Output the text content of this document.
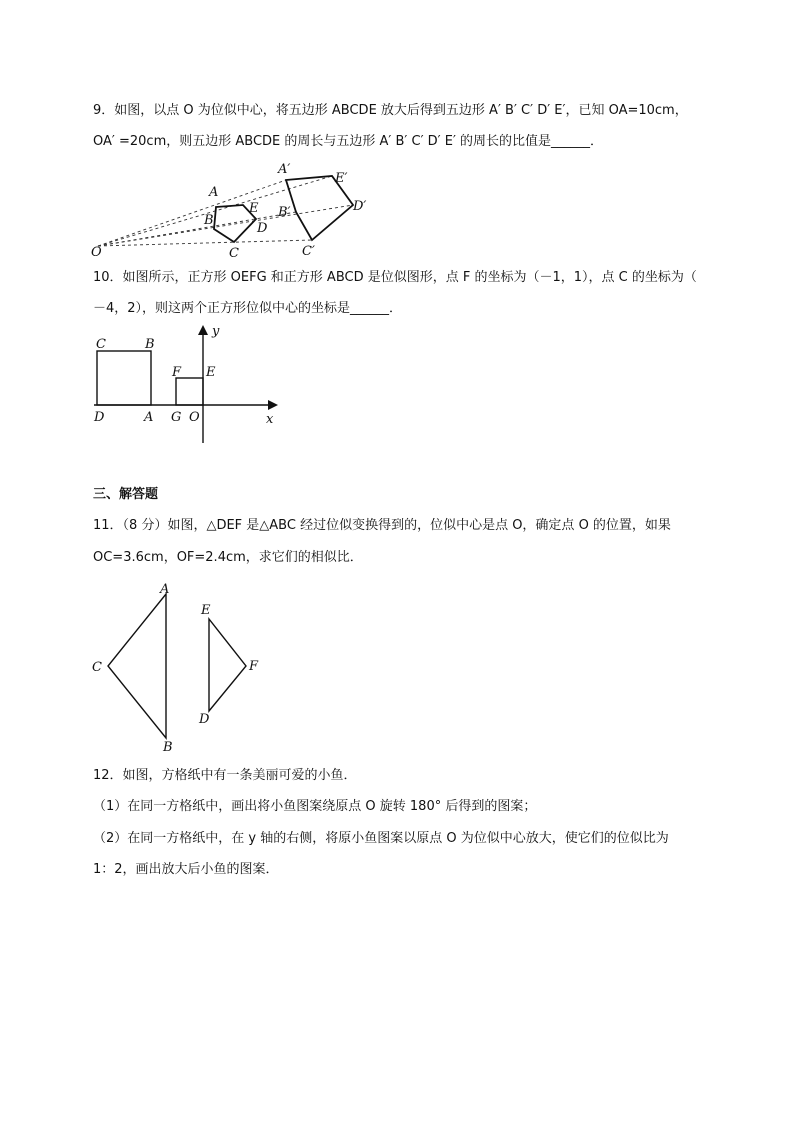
9．如图，以点 O 为位似中心，将五边形 ABCDE 放大后得到五边形 A′ B′ C′ D′ E′，已知 OA=10cm，
OA′ =20cm，则五边形 ABCDE 的周长与五边形 A′ B′ C′ D′ E′ 的周长的比值是______．
O
A
B
C
D
E
A′
B′
C′
D′
E′
10．如图所示，正方形 OEFG 和正方形 ABCD 是位似图形，点 F 的坐标为（－1，1），点 C 的坐标为（
－4，2），则这两个正方形位似中心的坐标是______．
C	B
D	A
F E
G O	x
y
三、解答题
11．（8 分）如图，△DEF 是△ABC 经过位似变换得到的，位似中心是点 O，确定点 O 的位置，如果
OC=3.6cm，OF=2.4cm，求它们的相似比．
A
B
C
D
E
F
12．如图，方格纸中有一条美丽可爱的小鱼．
（1）在同一方格纸中，画出将小鱼图案绕原点 O 旋转 180° 后得到的图案；
（2）在同一方格纸中，在 y 轴的右侧，将原小鱼图案以原点 O 为位似中心放大，使它们的位似比为
1：2，画出放大后小鱼的图案．
